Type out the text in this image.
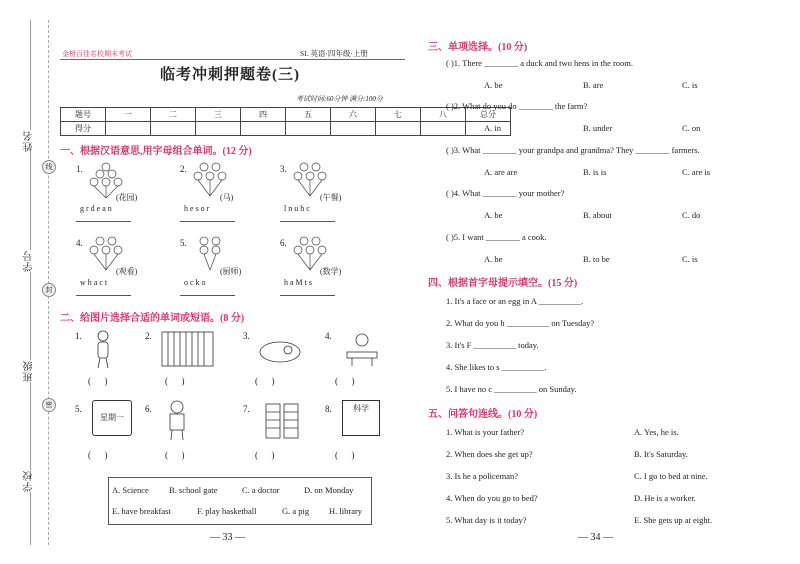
姓名
学号
班级
学校
线
封
密
金榜百佳名校期末考试	SL 英语·四年级·上册
临考冲刺押题卷(三)
考试时间:60分钟 满分:100分
题号	一	二	三	四	五	六	七	八	总分
得分									
一、根据汉语意思,用字母组合单词。(12 分)
1.
g r d e a n
(花园)
2.
h e s o r
(马)
3.
l n u h c
(午餐)
4.
w h a c t
(观看)
5.
o c k o
(厨师)
6.
h a M t s
(数学)
二、给图片选择合适的单词或短语。(8 分)
1.	2.	3.	4.
(      )	(      )	(      )	(      )
5.
星期一
6.	7.	8.	科学
(      )	(      )	(      )	(      )
A. Science B. school gate	C. a doctor	D. on Monday
E. have breakfast	F. play basketball	G. a pig H. library
— 33 —
三、单项选择。(10 分)
( )1. There ________ a duck and two hens in the room.
A. be	B. are	C. is
( )2. What do you do ________ the farm?
A. in	B. under	C. on
( )3. What ________ your grandpa and grandma? They ________ farmers.
A. are are	B. is is	C. are is
( )4. What ________ your mother?
A. be	B. about	C. do
( )5. I want ________ a cook.
A. be	B. to be	C. is
四、根据首字母提示填空。(15 分)
1. It's a face or an egg in A __________.
2. What do you h __________ on Tuesday?
3. It's F __________ today.
4. She likes to s __________.
5. I have no c __________ on Sunday.
五、问答句连线。(10 分)
1. What is your father?
2. When does she get up?
3. Is he a policeman?
4. When do you go to bed?
5. What day is it today?
A. Yes, he is.
B. It's Saturday.
C. I go to bed at nine.
D. He is a worker.
E. She gets up at eight.
— 34 —
